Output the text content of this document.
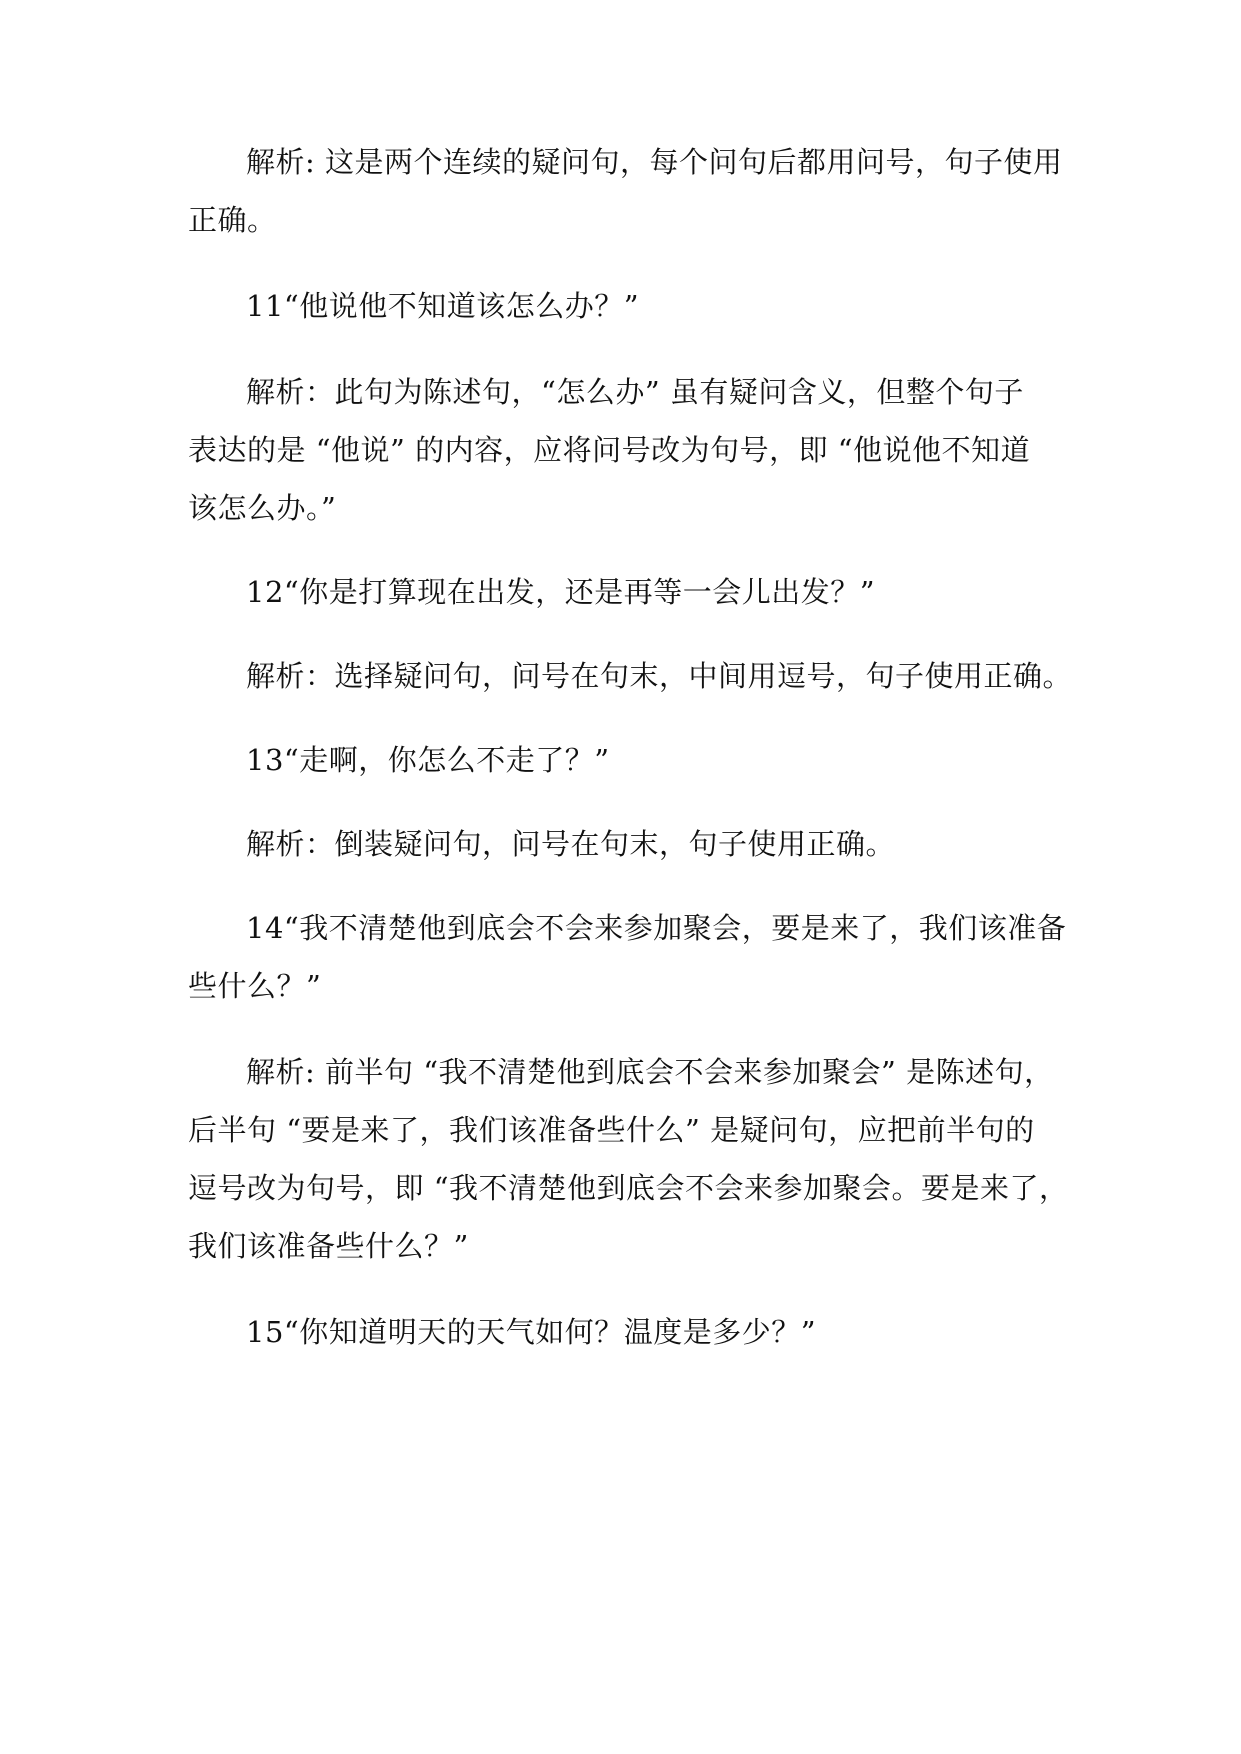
解析: 这是两个连续的疑问句，每个问句后都用问号，句子使用
正确。
11“他说他不知道该怎么办？”
解析：此句为陈述句，“怎么办” 虽有疑问含义，但整个句子
表达的是 “他说” 的内容，应将问号改为句号，即 “他说他不知道
该怎么办。”
12“你是打算现在出发，还是再等一会儿出发？”
解析：选择疑问句，问号在句末，中间用逗号，句子使用正确。
13“走啊，你怎么不走了？”
解析：倒装疑问句，问号在句末，句子使用正确。
14“我不清楚他到底会不会来参加聚会，要是来了，我们该准备
些什么？”
解析: 前半句 “我不清楚他到底会不会来参加聚会” 是陈述句，
后半句 “要是来了，我们该准备些什么” 是疑问句，应把前半句的
逗号改为句号，即 “我不清楚他到底会不会来参加聚会。要是来了，
我们该准备些什么？”
15“你知道明天的天气如何？温度是多少？”
